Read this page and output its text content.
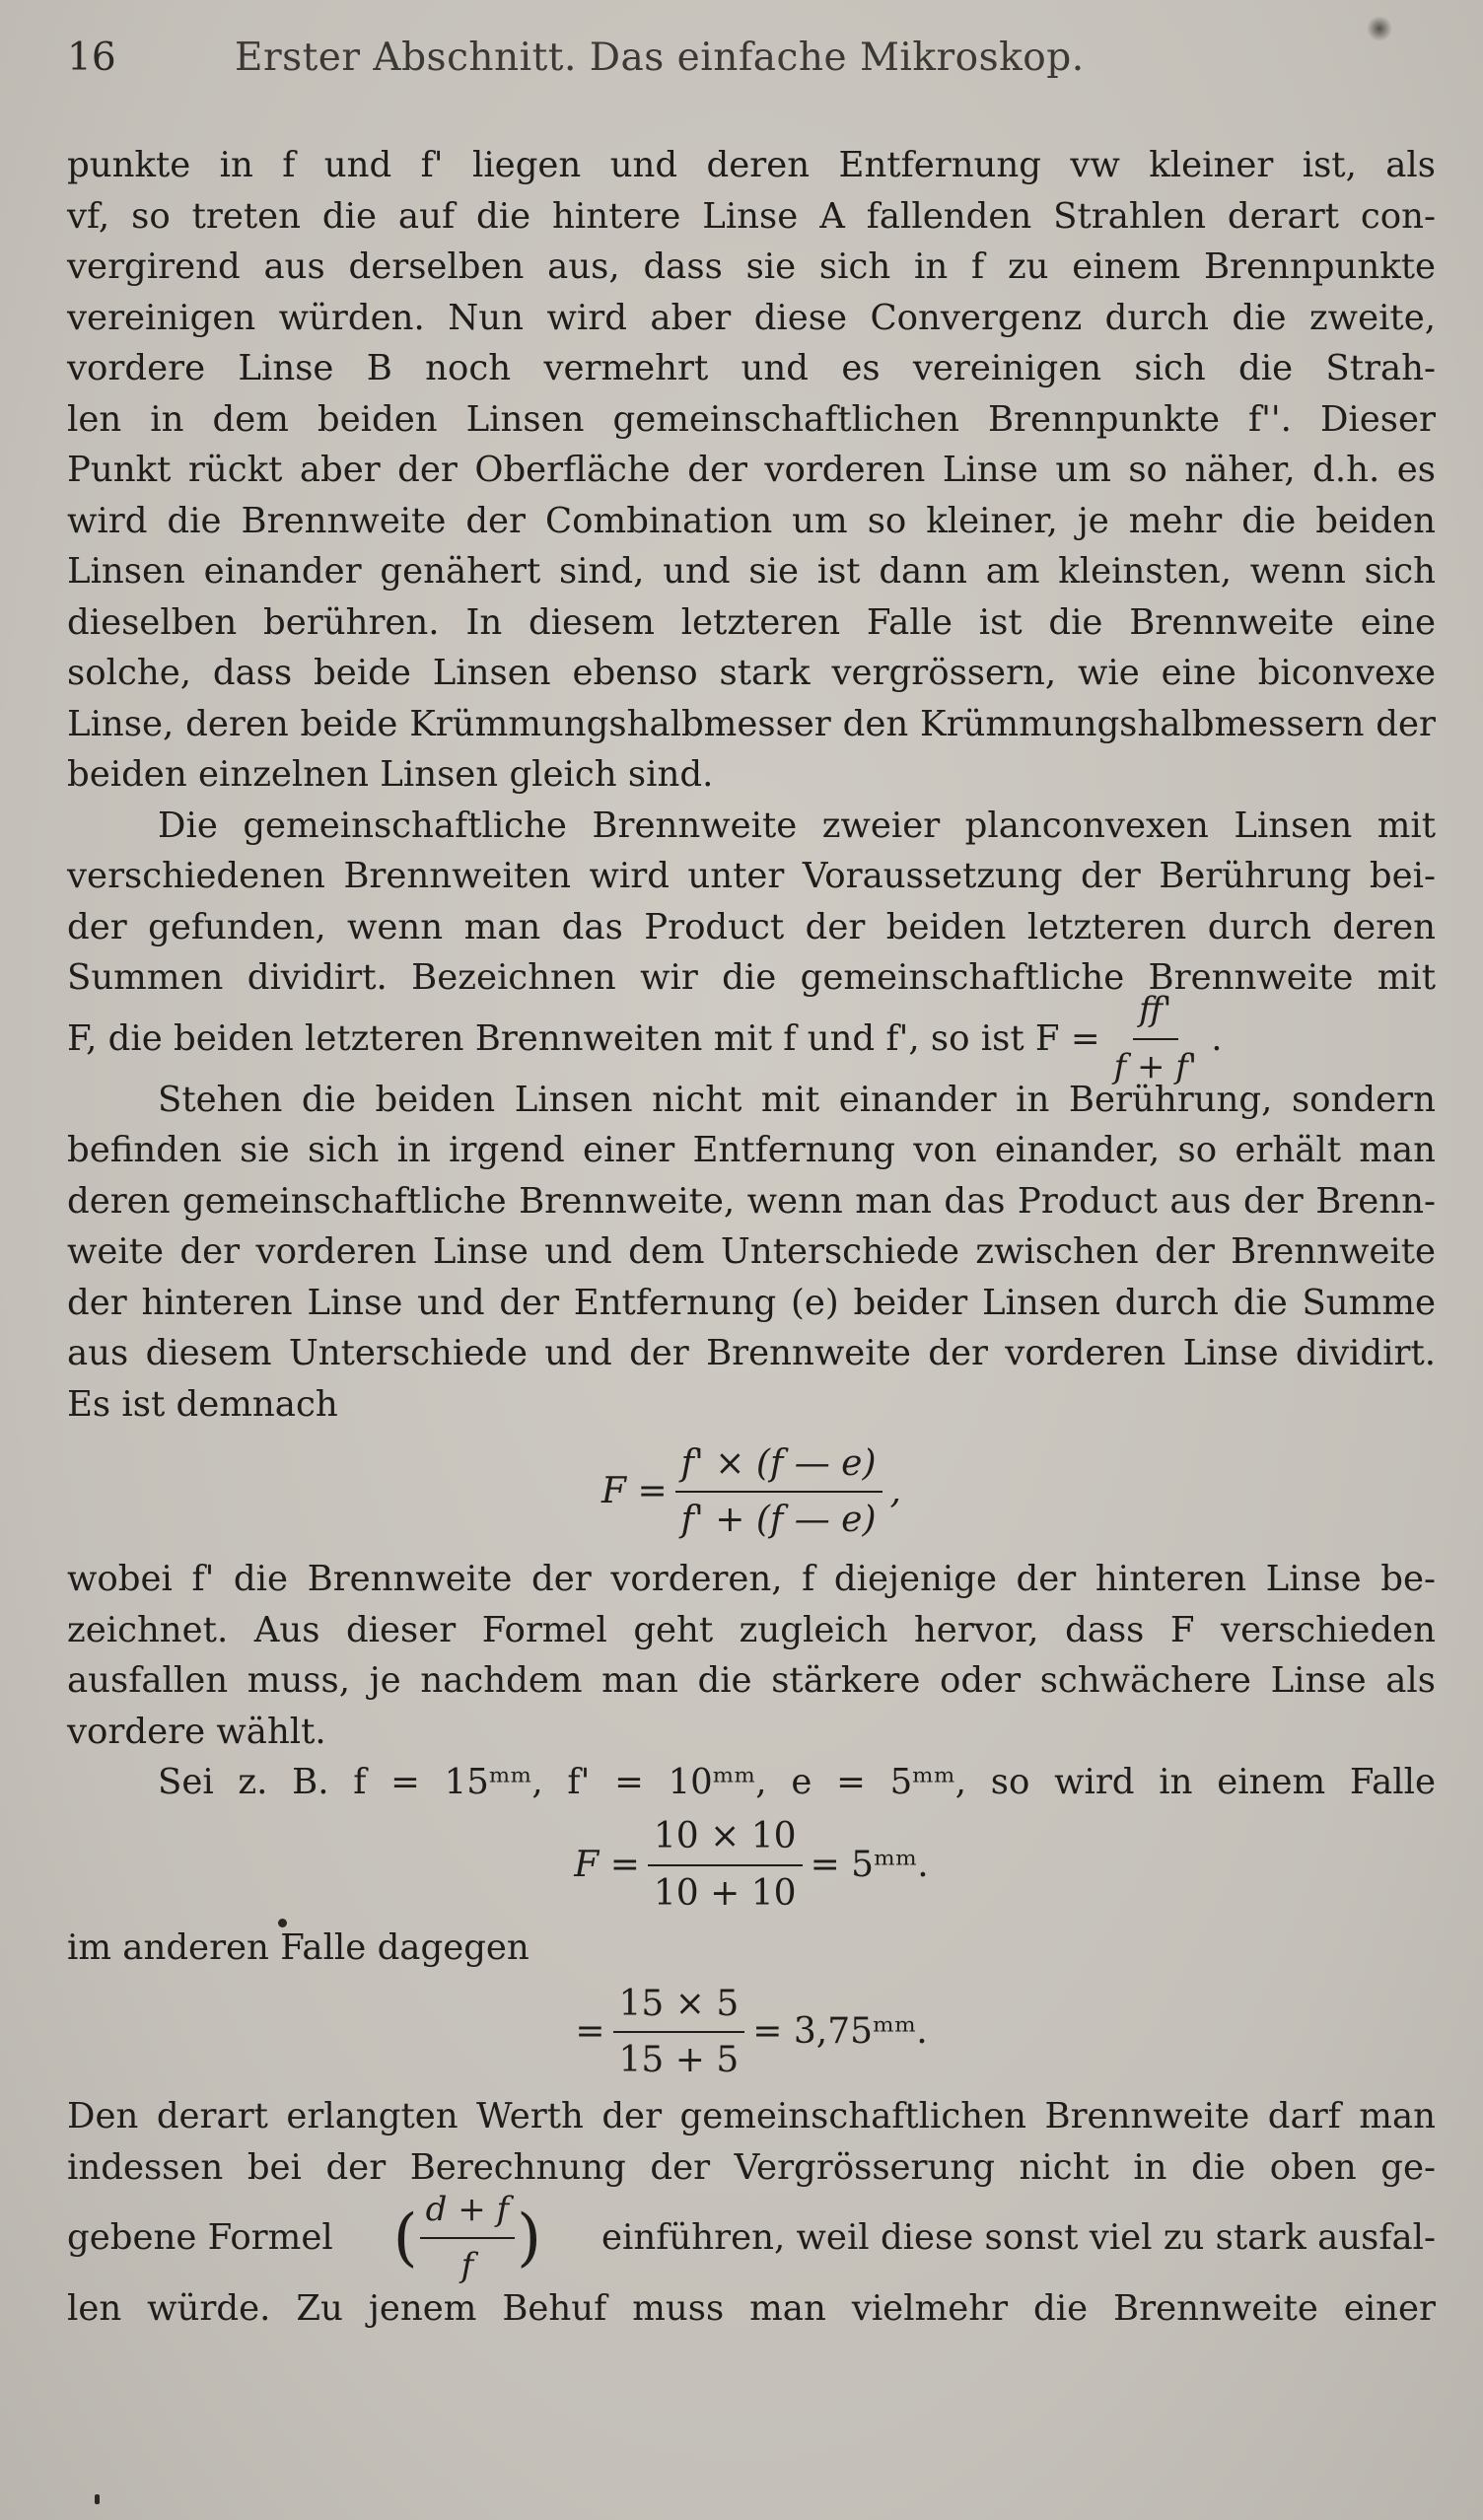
16	Erster Abschnitt. Das einfache Mikroskop.

punkte in f und f' liegen und deren Entfernung vw kleiner ist, als
vf, so treten die auf die hintere Linse A fallenden Strahlen derart con-
vergirend aus derselben aus, dass sie sich in f zu einem Brennpunkte
vereinigen würden. Nun wird aber diese Convergenz durch die zweite,
vordere Linse B noch vermehrt und es vereinigen sich die Strah-
len in dem beiden Linsen gemeinschaftlichen Brennpunkte f''. Dieser
Punkt rückt aber der Oberfläche der vorderen Linse um so näher, d.h. es
wird die Brennweite der Combination um so kleiner, je mehr die beiden
Linsen einander genähert sind, und sie ist dann am kleinsten, wenn sich
dieselben berühren. In diesem letzteren Falle ist die Brennweite eine
solche, dass beide Linsen ebenso stark vergrössern, wie eine biconvexe
Linse, deren beide Krümmungshalbmesser den Krümmungshalbmessern der
beiden einzelnen Linsen gleich sind.

Die gemeinschaftliche Brennweite zweier planconvexen Linsen mit
verschiedenen Brennweiten wird unter Voraussetzung der Berührung bei-
der gefunden, wenn man das Product der beiden letzteren durch deren
Summen dividirt. Bezeichnen wir die gemeinschaftliche Brennweite mit
F, die beiden letzteren Brennweiten mit f und f', so ist $F = \frac{ff'}{f + f'}$ .

Stehen die beiden Linsen nicht mit einander in Berührung, sondern
befinden sie sich in irgend einer Entfernung von einander, so erhält man
deren gemeinschaftliche Brennweite, wenn man das Product aus der Brenn-
weite der vorderen Linse und dem Unterschiede zwischen der Brennweite
der hinteren Linse und der Entfernung (e) beider Linsen durch die Summe
aus diesem Unterschiede und der Brennweite der vorderen Linse dividirt.
Es ist demnach

$F = \frac{f' \times (f — e)}{f' + (f — e)}$ ,

wobei f' die Brennweite der vorderen, f diejenige der hinteren Linse be-
zeichnet. Aus dieser Formel geht zugleich hervor, dass F verschieden
ausfallen muss, je nachdem man die stärkere oder schwächere Linse als
vordere wählt.

Sei z. B. f = 15ᵐᵐ, f' = 10ᵐᵐ, e = 5ᵐᵐ, so wird in einem Falle

$F = \frac{10 \times 10}{10 + 10}$ = 5ᵐᵐ.

im anderen Falle dagegen

= $\frac{15 \times 5}{15 + 5}$ = 3,75ᵐᵐ.

Den derart erlangten Werth der gemeinschaftlichen Brennweite darf man
indessen bei der Berechnung der Vergrösserung nicht in die oben ge-
gebene Formel ( $\frac{d + f}{f}$ ) einführen, weil diese sonst viel zu stark ausfal-
len würde. Zu jenem Behuf muss man vielmehr die Brennweite einer
